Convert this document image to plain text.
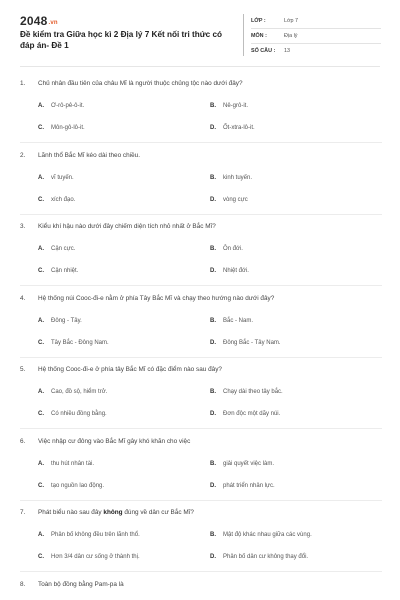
2048.vn
Đề kiểm tra Giữa học kì 2 Địa lý 7 Kết nối tri thức có đáp án- Đề 1
LỚP :	Lớp 7
MÔN :	Địa lý
SỐ CÂU :	13
1.	Chủ nhân đầu tiên của châu Mĩ là người thuộc chủng tộc nào dưới đây?
A.	Ơ-rô-pê-ô-it.	B.	Nê-grô-it.
C.	Môn-gô-lô-it.	D.	Ốt-xtra-lô-it.
2.	Lãnh thổ Bắc Mĩ kéo dài theo chiều.
A.	vĩ tuyến.	B.	kinh tuyến.
C.	xích đạo.	D.	vòng cực
3.	Kiểu khí hậu nào dưới đây chiếm diện tích nhỏ nhất ở Bắc Mĩ?
A.	Cận cực.	B.	Ôn đới.
C.	Cận nhiệt.	D.	Nhiệt đới.
4.	Hệ thống núi Cooc-đi-e nằm ở phía Tây Bắc Mĩ và chạy theo hướng nào dưới đây?
A.	Đông - Tây.	B.	Bắc - Nam.
C.	Tây Bắc - Đông Nam.	D.	Đông Bắc - Tây Nam.
5.	Hệ thống Cooc-đi-e ở phía tây Bắc Mĩ có đặc điểm nào sau đây?
A.	Cao, đồ sộ, hiểm trở.	B.	Chạy dài theo tây bắc.
C.	Có nhiều đồng bằng.	D.	Đơn độc một dãy núi.
6.	Việc nhập cư đông vào Bắc Mĩ gây khó khăn cho việc
A.	thu hút nhân tài.	B.	giải quyết việc làm.
C.	tạo nguồn lao động.	D.	phát triển nhân lực.
7.	Phát biểu nào sau đây không đúng về dân cư Bắc Mĩ?
A.	Phân bố không đều trên lãnh thổ.	B.	Mật độ khác nhau giữa các vùng.
C.	Hơn 3/4 dân cư sống ở thành thị.	D.	Phân bố dân cư không thay đổi.
8.	Toàn bộ đồng bằng Pam-pa là
